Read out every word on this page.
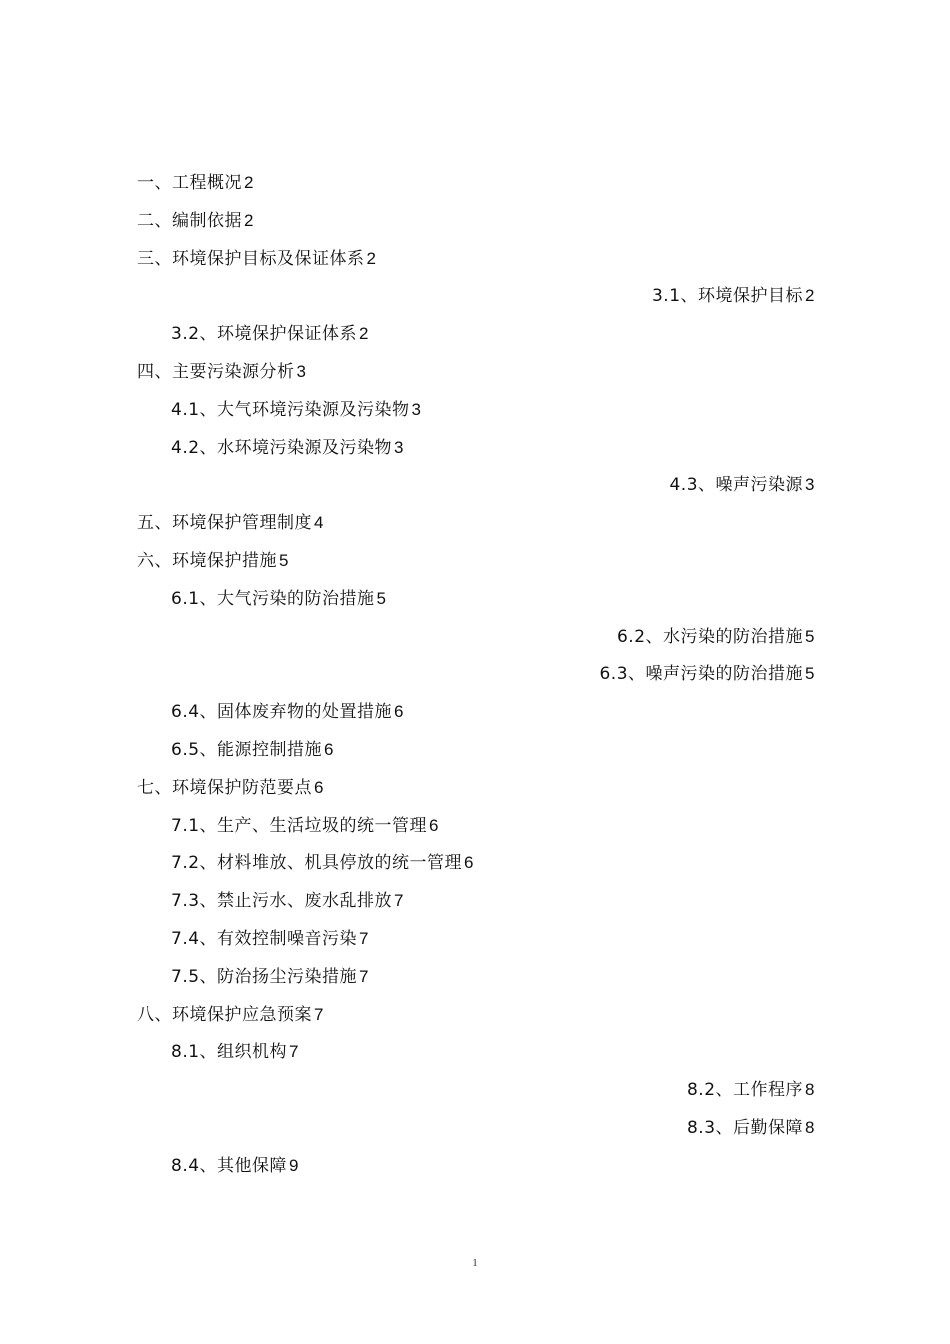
一、工程概况 2
二、编制依据 2
三、环境保护目标及保证体系 2
3.1、环境保护目标 2
3.2、环境保护保证体系 2
四、主要污染源分析 3
4.1、大气环境污染源及污染物 3
4.2、水环境污染源及污染物 3
4.3、噪声污染源 3
五、环境保护管理制度 4
六、环境保护措施 5
6.1、大气污染的防治措施 5
6.2、水污染的防治措施 5
6.3、噪声污染的防治措施 5
6.4、固体废弃物的处置措施 6
6.5、能源控制措施 6
七、环境保护防范要点 6
7.1、生产、生活垃圾的统一管理 6
7.2、材料堆放、机具停放的统一管理 6
7.3、禁止污水、废水乱排放 7
7.4、有效控制噪音污染 7
7.5、防治扬尘污染措施 7
八、环境保护应急预案 7
8.1、组织机构 7
8.2、工作程序 8
8.3、后勤保障 8
8.4、其他保障 9
1
